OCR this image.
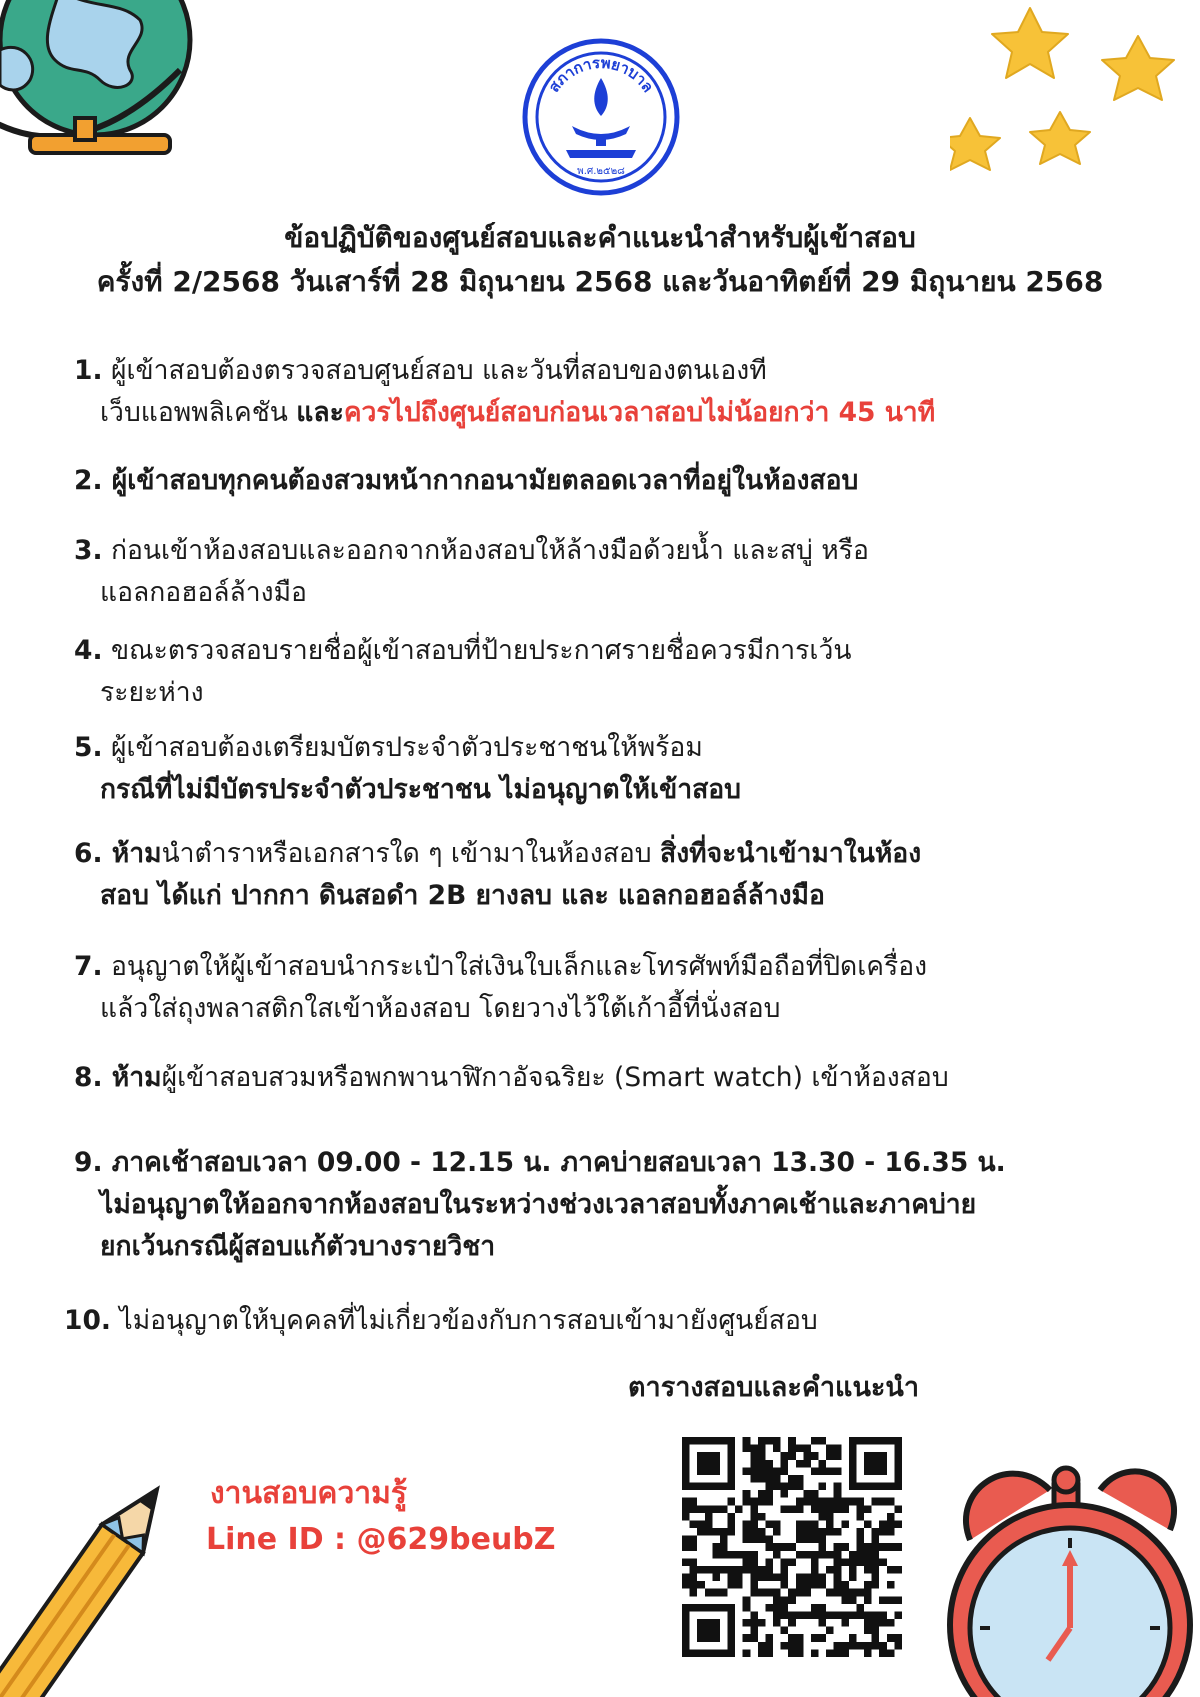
สภาการพยาบาล
พ.ศ.๒๕๒๘
ข้อปฏิบัติของศูนย์สอบและคำแนะนำสำหรับผู้เข้าสอบ
ครั้งที่ 2/2568 วันเสาร์ที่ 28 มิถุนายน 2568 และวันอาทิตย์ที่ 29 มิถุนายน 2568
1. ผู้เข้าสอบต้องตรวจสอบศูนย์สอบ และวันที่สอบของตนเองที
เว็บแอพพลิเคชัน และควรไปถึงศูนย์สอบก่อนเวลาสอบไม่น้อยกว่า 45 นาที
2. ผู้เข้าสอบทุกคนต้องสวมหน้ากากอนามัยตลอดเวลาที่อยู่ในห้องสอบ
3. ก่อนเข้าห้องสอบและออกจากห้องสอบให้ล้างมือด้วยน้ำ และสบู่ หรือ
แอลกอฮอล์ล้างมือ
4. ขณะตรวจสอบรายชื่อผู้เข้าสอบที่ป้ายประกาศรายชื่อควรมีการเว้น
ระยะห่าง
5. ผู้เข้าสอบต้องเตรียมบัตรประจำตัวประชาชนให้พร้อม
กรณีที่ไม่มีบัตรประจำตัวประชาชน ไม่อนุญาตให้เข้าสอบ
6. ห้ามนำตำราหรือเอกสารใด ๆ เข้ามาในห้องสอบ สิ่งที่จะนำเข้ามาในห้อง
สอบ ได้แก่ ปากกา ดินสอดำ 2B ยางลบ และ แอลกอฮอล์ล้างมือ
7. อนุญาตให้ผู้เข้าสอบนำกระเป๋าใส่เงินใบเล็กและโทรศัพท์มือถือที่ปิดเครื่อง
แล้วใส่ถุงพลาสติกใสเข้าห้องสอบ โดยวางไว้ใต้เก้าอี้ที่นั่งสอบ
8. ห้ามผู้เข้าสอบสวมหรือพกพานาฬิกาอัจฉริยะ (Smart watch) เข้าห้องสอบ
9. ภาคเช้าสอบเวลา 09.00 - 12.15 น. ภาคบ่ายสอบเวลา 13.30 - 16.35 น.
ไม่อนุญาตให้ออกจากห้องสอบในระหว่างช่วงเวลาสอบทั้งภาคเช้าและภาคบ่าย
ยกเว้นกรณีผู้สอบแก้ตัวบางรายวิชา
10. ไม่อนุญาตให้บุคคลที่ไม่เกี่ยวข้องกับการสอบเข้ามายังศูนย์สอบ
ตารางสอบและคำแนะนำ
งานสอบความรู้
Line ID : @629beubZ
